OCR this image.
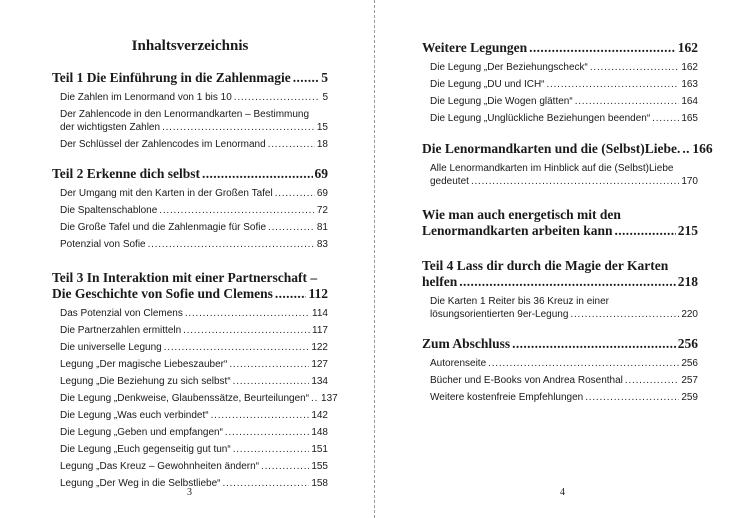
Inhaltsverzeichnis
Teil 1 Die Einführung in die Zahlenmagie . . . 5
Die Zahlen im Lenormand von 1 bis 10 . . .	5
Der Zahlencode in den Lenormandkarten – Bestimmung
der wichtigsten Zahlen . . .	15
Der Schlüssel der Zahlencodes im Lenormand . . .	18
Teil 2 Erkenne dich selbst . . .	69
Der Umgang mit den Karten in der Großen Tafel . . .	69
Die Spaltenschablone . . .	72
Die Große Tafel und die Zahlenmagie für Sofie . . .	81
Potenzial von Sofie . . .	83
Teil 3 In Interaktion mit einer Partnerschaft –
Die Geschichte von Sofie und Clemens . . .	112
Das Potenzial von Clemens . . .	114
Die Partnerzahlen ermitteln . . .	117
Die universelle Legung . . .	122
Legung „Der magische Liebeszauber“ . . .	127
Legung „Die Beziehung zu sich selbst“ . . .	134
Die Legung „Denkweise, Glaubenssätze, Beurteilungen“ . . . 137
Die Legung „Was euch verbindet“ . . .	142
Die Legung „Geben und empfangen“ . . .	148
Die Legung „Euch gegenseitig gut tun“ . . .	151
Legung „Das Kreuz – Gewohnheiten ändern“ . . .	155
Legung „Der Weg in die Selbstliebe“ . . .	158
3
Weitere Legungen . . .	162
Die Legung „Der Beziehungscheck“ . . .	162
Die Legung „DU und ICH“ . . .	163
Die Legung „Die Wogen glätten“ . . .	164
Die Legung „Unglückliche Beziehungen beenden“ . . .	165
Die Lenormandkarten und die (Selbst)Liebe. . . . 166
Alle Lenormandkarten im Hinblick auf die (Selbst)Liebe
gedeutet . . .	170
Wie man auch energetisch mit den
Lenormandkarten arbeiten kann . . .	215
Teil 4 Lass dir durch die Magie der Karten
helfen . . .	218
Die Karten 1 Reiter bis 36 Kreuz in einer
lösungsorientierten 9er-Legung . . .	220
Zum Abschluss . . .	256
Autorenseite . . .	256
Bücher und E-Books von Andrea Rosenthal . . .	257
Weitere kostenfreie Empfehlungen . . .	259
4
